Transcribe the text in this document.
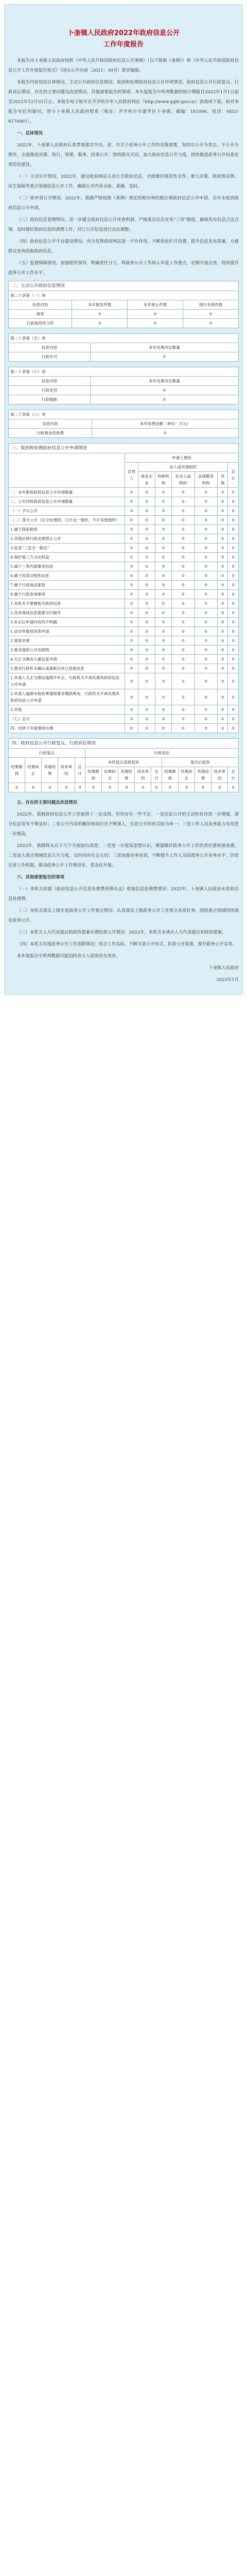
卜奎镇人民政府2022年政府信息公开
工作年度报告

本报告由卜奎镇人民政府按照《中华人民共和国政府信息公开条例》（以下简称《条例》）和《中华人民共和国政府信息公开工作年度报告格式》（国办公开办函〔2021〕30号）要求编制。

本报告内容包括总体情况、主动公开政府信息情况、收到和处理政府信息公开申请情况、政府信息公开行政复议、行政诉讼情况、存在的主要问题及改进情况、其他需要报告的事项。本年度报告中所列数据的统计期限自2022年1月1日起至2022年12月31日止。本报告电子版可在齐齐哈尔市人民政府网站（http://www.qqhr.gov.cn）查阅或下载。如对本报告有任何疑问，请与卜奎镇人民政府联系（地址：齐齐哈尔市建华区卜奎镇，邮编：161006，电话：0452-6170001）。

一、总体情况

2022年，卜奎镇人民政府认真贯彻落实中央、省、市关于政务公开工作的决策部署，坚持以公开为常态、不公开为例外，全面推进决策、执行、管理、服务、结果公开，围绕群众关切，加大政府信息公开力度，持续推进政务公开标准化规范化建设。

（一）主动公开情况。2022年，通过政府网站主动公开政府信息，全面做好规范性文件、重大决策、财政预决算、民生保障等重点领域信息公开工作，确保公开内容全面、准确、及时。

（二）依申请公开情况。2022年，我镇严格按照《条例》规定的程序和时限办理政府信息公开申请，全年未收到政府信息公开申请。

（三）政府信息管理情况。进一步健全政府信息公开审查机制，严格落实信息发布“三审”制度，确保发布信息合法合规。及时做好政府信息的清理工作，对已公开信息进行动态调整。

（四）政府信息公开平台建设情况。充分发挥政府网站第一平台作用，不断优化栏目设置，提升信息发布质量，方便群众查询获取政府信息。

（五）监督保障情况。加强组织领导，明确责任分工，将政务公开工作纳入年度工作重点，定期开展自查，持续提升政务公开工作水平。

二、主动公开政府信息情况
第二十条第（一）项			
信息内容	本年制发件数	本年废止件数	现行有效件数
规章	0	0	0
行政规范性文件	0	0	0
第二十条第（五）项	
信息内容	本年处理决定数量
行政许可	0
第二十条第（六）项	
信息内容	本年处理决定数量
行政处罚	0
行政强制	0
第二十条第（八）项	
信息内容	本年收费金额（单位：万元）
行政事业性收费	0
三、收到和处理政府信息公开申请情况
	申请人情况						
	自然人	法人或其他组织					总计
		商业企业	科研机构	社会公益组织	法律服务机构	其他	
一、本年新收政府信息公开申请数量	0	0	0	0	0	0	0
二、上年结转政府信息公开申请数量	0	0	0	0	0	0	0
（一）予以公开	0	0	0	0	0	0	0
（二）部分公开（区分处理的，只计这一情形，不计其他情形）	0	0	0	0	0	0	0
1.属于国家秘密	0	0	0	0	0	0	0
2.其他法律行政法规禁止公开	0	0	0	0	0	0	0
3.危及“三安全一稳定”	0	0	0	0	0	0	0
4.保护第三方合法权益	0	0	0	0	0	0	0
5.属于三类内部事务信息	0	0	0	0	0	0	0
6.属于四类过程性信息	0	0	0	0	0	0	0
7.属于行政执法案卷	0	0	0	0	0	0	0
8.属于行政查询事项	0	0	0	0	0	0	0
1.本机关不掌握相关政府信息	0	0	0	0	0	0	0
2.没有现成信息需要另行制作	0	0	0	0	0	0	0
3.补正后申请内容仍不明确	0	0	0	0	0	0	0
1.信访举报投诉类申请	0	0	0	0	0	0	0
2.重复申请	0	0	0	0	0	0	0
3.要求提供公开出版物	0	0	0	0	0	0	0
4.无正当理由大量反复申请	0	0	0	0	0	0	0
5.要求行政机关确认或重新出具已获取信息	0	0	0	0	0	0	0
1.申请人无正当理由逾期不补正、行政机关不再处理其政府信息公开申请	0	0	0	0	0	0	0
2.申请人逾期未按收费通知要求缴纳费用、行政机关不再处理其政府信息公开申请	0	0	0	0	0	0	0
3.其他	0	0	0	0	0	0	0
（七）总计	0	0	0	0	0	0	0
四、结转下年度继续办理	0	0	0	0	0	0	0
四、政府信息公开行政复议、行政诉讼情况
行政复议					行政诉讼									
结果维持	结果纠正	其他结果	尚未审结	总计	未经复议直接起诉					复议后起诉				
					结果维持	结果纠正	其他结果	尚未审结	总计	结果维持	结果纠正	其他结果	尚未审结	总计
0	0	0	0	0	0	0	0	0	0	0	0	0	0	0

五、存在的主要问题及改进情况

2022年，我镇政府信息公开工作取得了一定成效，但仍存在一些不足：一是信息公开的主动性有待进一步增强，部分信息发布不够及时；二是公开内容的解读和回应还不够深入，信息公开的形式较为单一；三是工作人员业务能力有待进一步提高。

2023年，我镇将从以下几个方面加以改进：一是进一步提高思想认识，增强做好政务公开工作的责任感和使命感；二是加大重点领域信息公开力度，及时回应社会关切；三是加强业务培训，不断提升工作人员的政务公开业务水平；四是完善工作机制，推动政务公开工作规范化、常态化开展。

六、其他需要报告的事项

（一）本机关依据《政府信息公开信息处理费管理办法》收取信息处理费情况：2022年，卜奎镇人民政府未收取信息处理费。

（二）本机关落实上级年度政务公开工作要点情况：认真落实上级政务公开工作要点各项任务，围绕重点领域持续深化政务公开。

（三）本机关人大代表建议和政协提案办理结果公开情况：2022年，本机关未承办人大代表建议和政协提案。

（四）本机关年度政务公开工作创新情况：结合工作实际，不断丰富公开形式，拓宽公开渠道，提升政务公开实效。

本年度报告中所列数据可能因四舍五入原因存在尾差。

卜奎镇人民政府

2023年1月
